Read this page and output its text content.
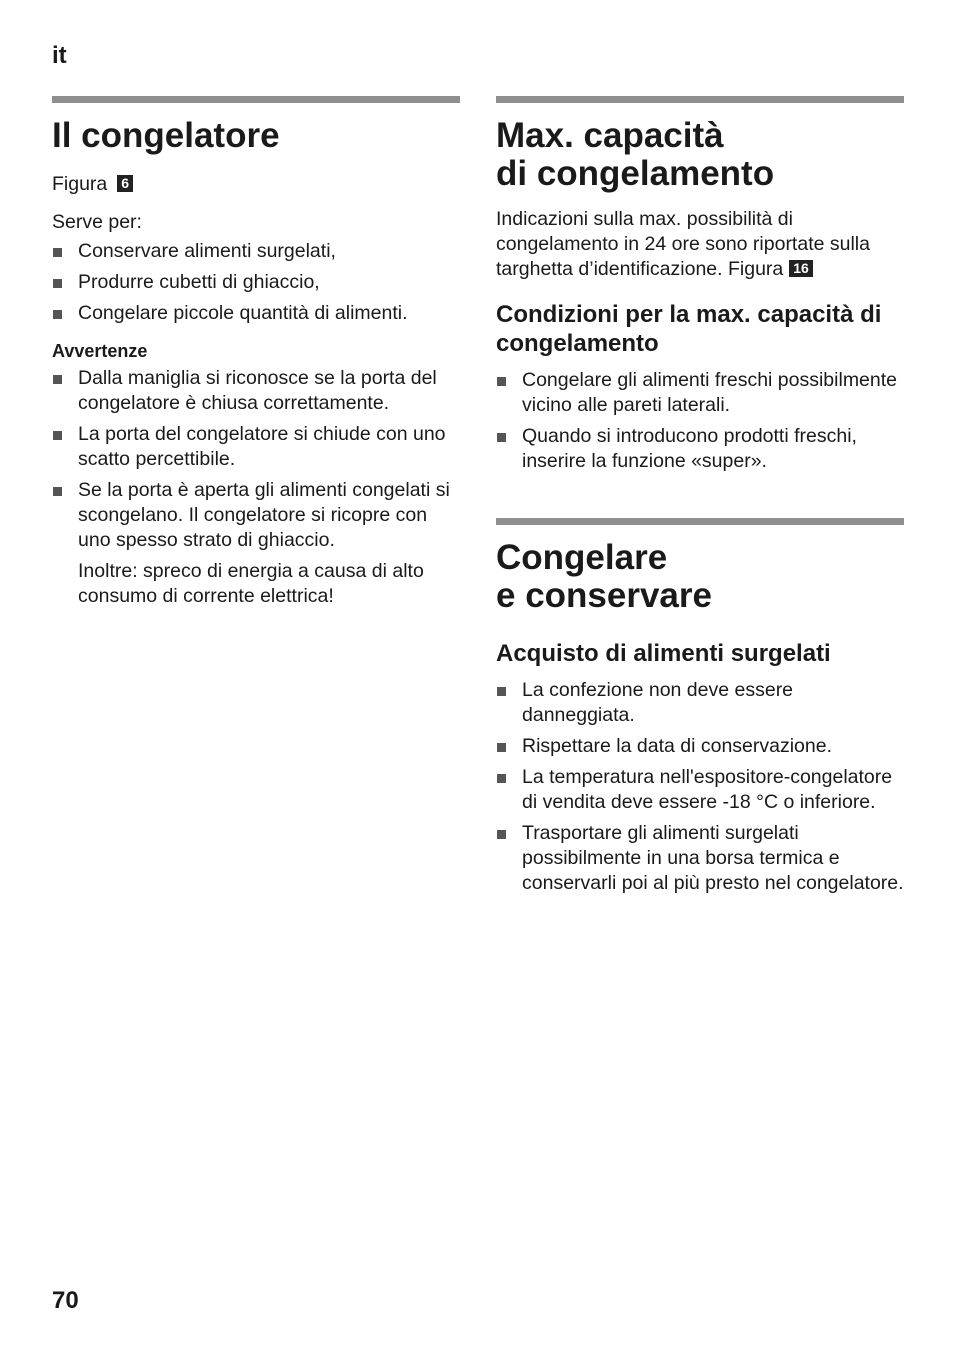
it
Il congelatore

Figura 6

Serve per:

Conservare alimenti surgelati,
Produrre cubetti di ghiaccio,
Congelare piccole quantità di alimenti.
Avvertenze
Dalla maniglia si riconosce se la porta del congelatore è chiusa correttamente.
La porta del congelatore si chiude con uno scatto percettibile.
Se la porta è aperta gli alimenti congelati si scongelano. Il congelatore si ricopre con uno spesso strato di ghiaccio.

Inoltre: spreco di energia a causa di alto consumo di corrente elettrica!

Max. capacità
di congelamento

Indicazioni sulla max. possibilità di congelamento in 24 ore sono riportate sulla targhetta d’identificazione. Figura 16

Condizioni per la max. capacità di congelamento
Congelare gli alimenti freschi possibilmente vicino alle pareti laterali.
Quando si introducono prodotti freschi, inserire la funzione «super».
Congelare
e conservare
Acquisto di alimenti surgelati
La confezione non deve essere danneggiata.
Rispettare la data di conservazione.
La temperatura nell'espositore-congelatore di vendita deve essere -18 °C o inferiore.
Trasportare gli alimenti surgelati possibilmente in una borsa termica e conservarli poi al più presto nel congelatore.
70
